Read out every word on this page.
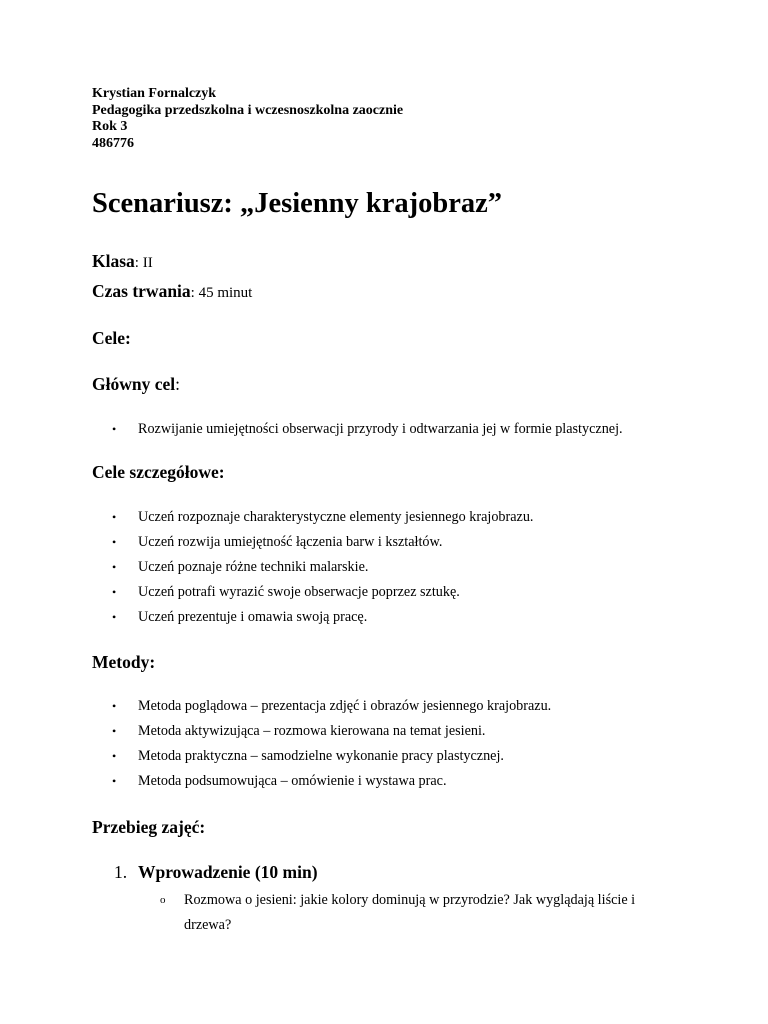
Krystian Fornalczyk
Pedagogika przedszkolna i wczesnoszkolna zaocznie
Rok 3
486776
Scenariusz: „Jesienny krajobraz”
Klasa: II
Czas trwania: 45 minut
Cele:
Główny cel:
• Rozwijanie umiejętności obserwacji przyrody i odtwarzania jej w formie plastycznej.
Cele szczegółowe:
• Uczeń rozpoznaje charakterystyczne elementy jesiennego krajobrazu.
• Uczeń rozwija umiejętność łączenia barw i kształtów.
• Uczeń poznaje różne techniki malarskie.
• Uczeń potrafi wyrazić swoje obserwacje poprzez sztukę.
• Uczeń prezentuje i omawia swoją pracę.
Metody:
• Metoda poglądowa – prezentacja zdjęć i obrazów jesiennego krajobrazu.
• Metoda aktywizująca – rozmowa kierowana na temat jesieni.
• Metoda praktyczna – samodzielne wykonanie pracy plastycznej.
• Metoda podsumowująca – omówienie i wystawa prac.
Przebieg zajęć:
1. Wprowadzenie (10 min)
o Rozmowa o jesieni: jakie kolory dominują w przyrodzie? Jak wyglądają liście i drzewa?
